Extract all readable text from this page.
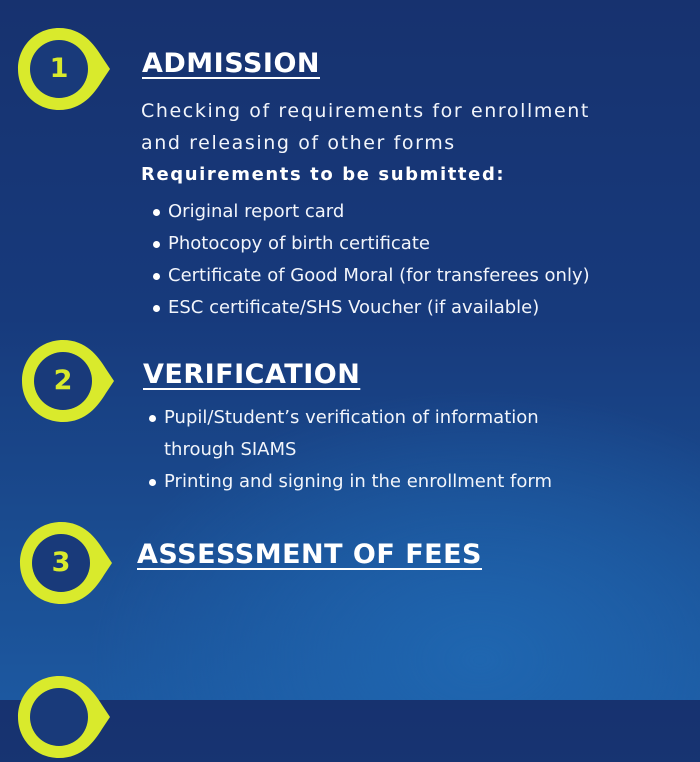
1	ADMISSION

Checking of requirements for enrollment

and releasing of other forms

Requirements to be submitted:

Original report card
Photocopy of birth certificate
Certificate of Good Moral (for transferees only)
ESC certificate/SHS Voucher (if available)
2	VERIFICATION
Pupil/Student’s verification of information
through SIAMS
Printing and signing in the enrollment form
3	ASSESSMENT OF FEES
